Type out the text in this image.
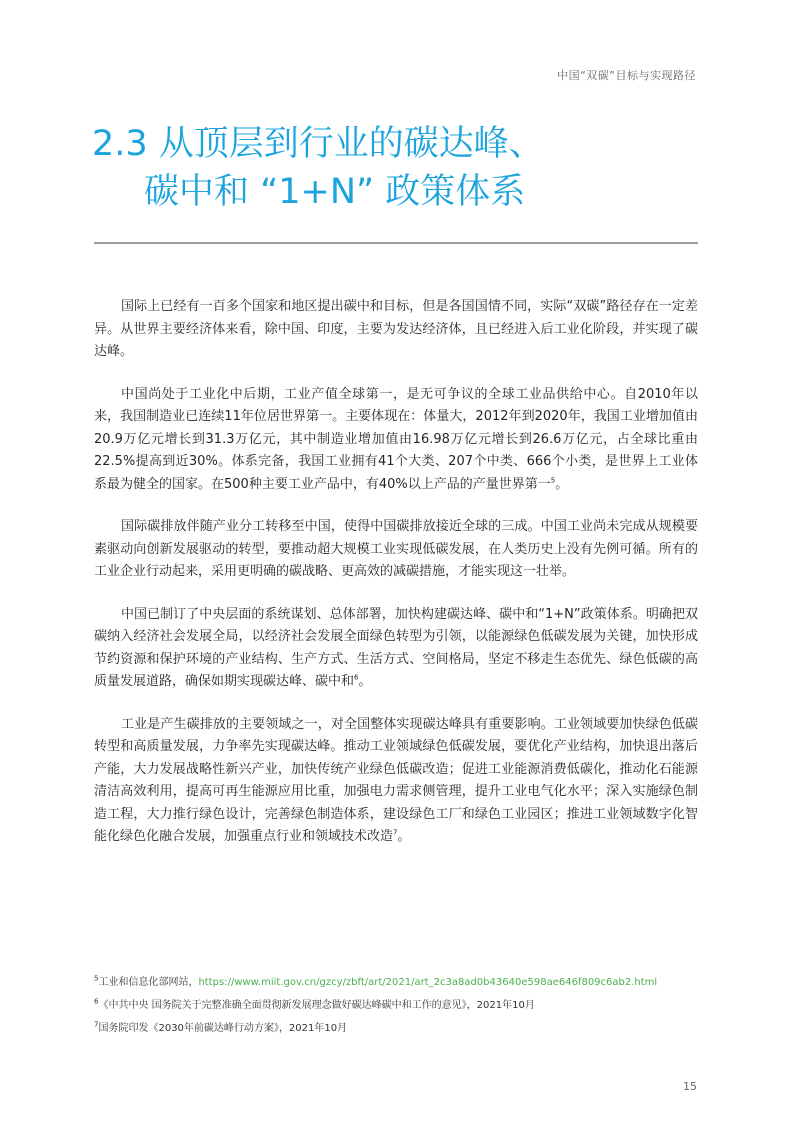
中国“双碳”目标与实现路径
2.3 从顶层到行业的碳达峰、
碳中和 “1+N” 政策体系

国际上已经有一百多个国家和地区提出碳中和目标，但是各国国情不同，实际“双碳”路径存在一定差异。从世界主要经济体来看，除中国、印度，主要为发达经济体，且已经进入后工业化阶段，并实现了碳达峰。

中国尚处于工业化中后期，工业产值全球第一，是无可争议的全球工业品供给中心。自2010年以来，我国制造业已连续11年位居世界第一。主要体现在：体量大，2012年到2020年，我国工业增加值由20.9万亿元增长到31.3万亿元，其中制造业增加值由16.98万亿元增长到26.6万亿元，占全球比重由22.5%提高到近30%。体系完备，我国工业拥有41个大类、207个中类、666个小类，是世界上工业体系最为健全的国家。在500种主要工业产品中，有40%以上产品的产量世界第一$^5$。

国际碳排放伴随产业分工转移至中国，使得中国碳排放接近全球的三成。中国工业尚未完成从规模要素驱动向创新发展驱动的转型，要推动超大规模工业实现低碳发展，在人类历史上没有先例可循。所有的工业企业行动起来，采用更明确的碳战略、更高效的减碳措施，才能实现这一壮举。

中国已制订了中央层面的系统谋划、总体部署，加快构建碳达峰、碳中和“1+N”政策体系。明确把双碳纳入经济社会发展全局，以经济社会发展全面绿色转型为引领，以能源绿色低碳发展为关键，加快形成节约资源和保护环境的产业结构、生产方式、生活方式、空间格局，坚定不移走生态优先、绿色低碳的高质量发展道路，确保如期实现碳达峰、碳中和$^6$。

工业是产生碳排放的主要领域之一，对全国整体实现碳达峰具有重要影响。工业领域要加快绿色低碳转型和高质量发展，力争率先实现碳达峰。推动工业领域绿色低碳发展，要优化产业结构，加快退出落后产能，大力发展战略性新兴产业，加快传统产业绿色低碳改造；促进工业能源消费低碳化，推动化石能源清洁高效利用，提高可再生能源应用比重，加强电力需求侧管理，提升工业电气化水平；深入实施绿色制造工程，大力推行绿色设计，完善绿色制造体系，建设绿色工厂和绿色工业园区；推进工业领域数字化智能化绿色化融合发展，加强重点行业和领域技术改造$^7$。

$^5$工业和信息化部网站，https://www.miit.gov.cn/gzcy/zbft/art/2021/art_2c3a8ad0b43640e598ae646f809c6ab2.html

$^6$《中共中央 国务院关于完整准确全面贯彻新发展理念做好碳达峰碳中和工作的意见》，2021年10月

$^7$国务院印发《2030年前碳达峰行动方案》，2021年10月

15
